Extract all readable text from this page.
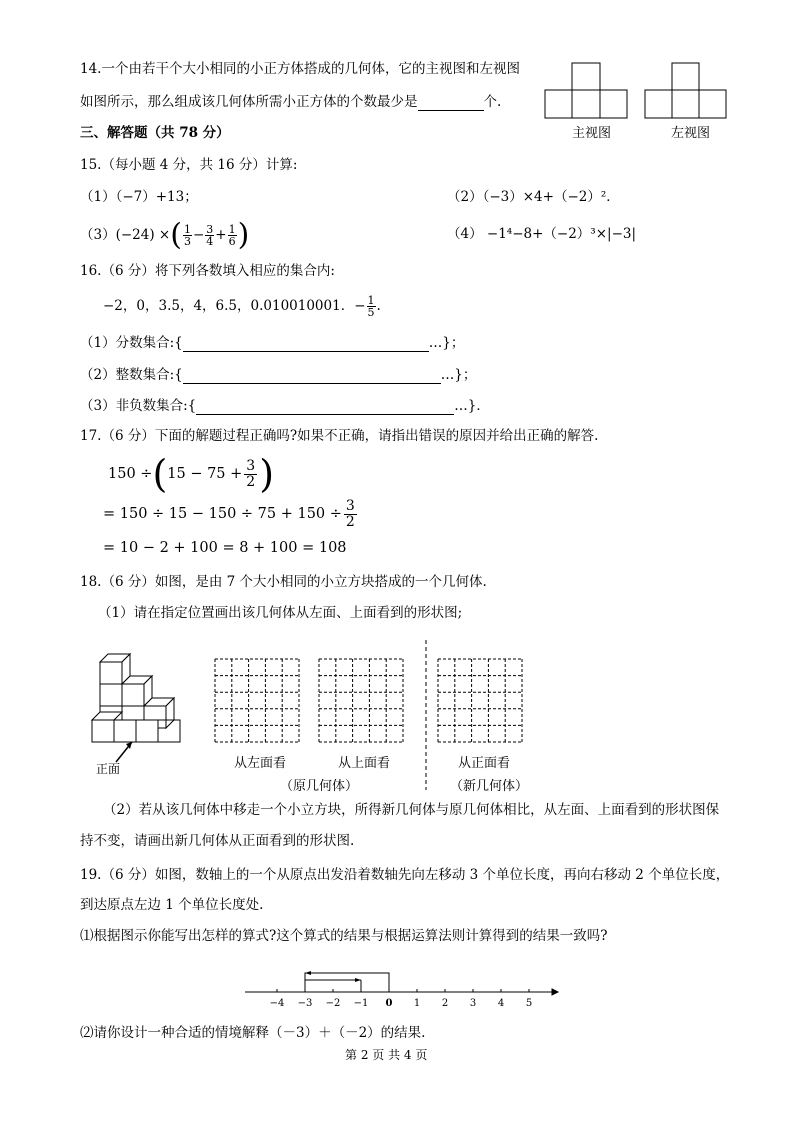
14.一个由若干个大小相同的小正方体搭成的几何体，它的主视图和左视图
如图所示，那么组成该几何体所需小正方体的个数最少是	个.
主视图	左视图
三、解答题（共 78 分）
15.（每小题 4 分，共 16 分）计算:
（1）（−7）+13；	（2）（−3）×4+（−2）²．
（3）(−24) ×( $\frac{1}{3} - \frac{3}{4} + \frac{1}{6}$ )	（4） −1⁴−8+（−2）³×|−3|
16.（6 分）将下列各数填入相应的集合内:
−2，0，3.5，4，6.5，0.010010001．− $\frac{1}{5}$ .
（1）分数集合:{	…}；
（2）整数集合:{	…}；
（3）非负数集合:{	…}．
17.（6 分）下面的解题过程正确吗?如果不正确，请指出错误的原因并给出正确的解答.
$150 \div(15 - 75 + \frac{3}{2}$ )
= $150 \div 15 - 150 \div 75 + 150 \div \frac{3}{2}$
= 10 − 2 + 100 = 8 + 100 = 108
18.（6 分）如图，是由 7 个大小相同的小立方块搭成的一个几何体.
（1）请在指定位置画出该几何体从左面、上面看到的形状图;
正面	从左面看	从上面看
（原几何体）
从正面看
（新几何体）
（2）若从该几何体中移走一个小立方块，所得新几何体与原几何体相比，从左面、上面看到的形状图保
持不变，请画出新几何体从正面看到的形状图.
19.（6 分）如图，数轴上的一个从原点出发沿着数轴先向左移动 3 个单位长度，再向右移动 2 个单位长度，
到达原点左边 1 个单位长度处.
⑴根据图示你能写出怎样的算式?这个算式的结果与根据运算法则计算得到的结果一致吗?
−4 −3 −2 −1 0 1 2 3 4 5
⑵请你设计一种合适的情境解释（－3）＋（－2）的结果.
第 2 页 共 4 页
